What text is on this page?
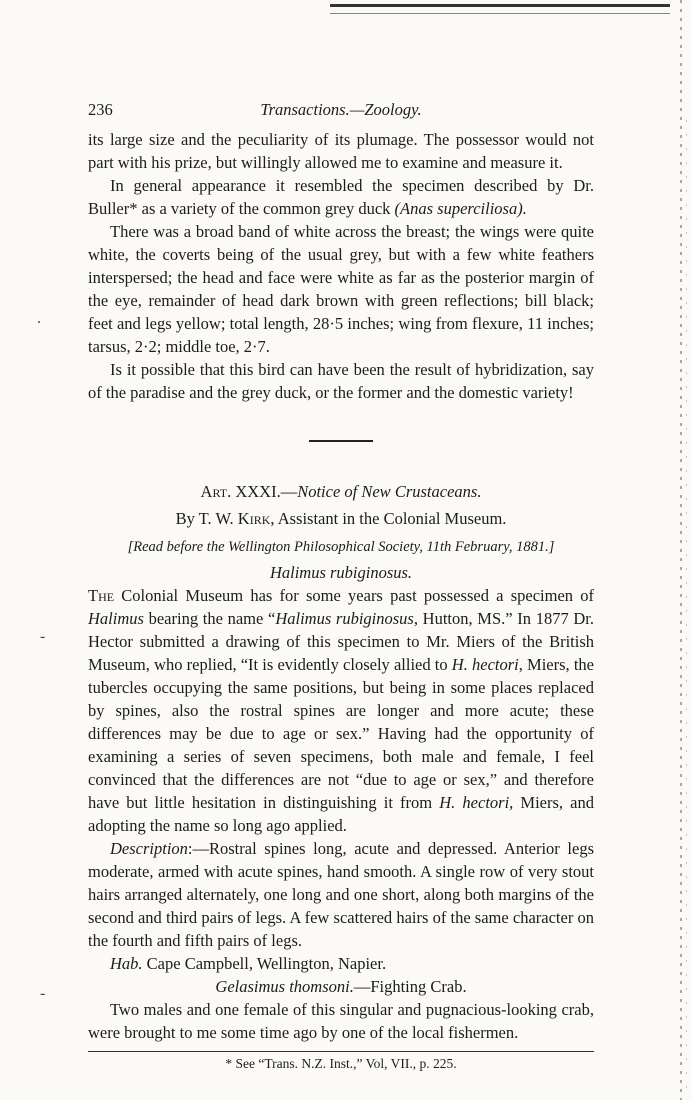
.
-
-
236	Transactions.—Zoology.

its large size and the peculiarity of its plumage. The possessor would not part with his prize, but willingly allowed me to examine and measure it.

In general appearance it resembled the specimen described by Dr. Buller* as a variety of the common grey duck (Anas superciliosa).

There was a broad band of white across the breast; the wings were quite white, the coverts being of the usual grey, but with a few white feathers interspersed; the head and face were white as far as the posterior margin of the eye, remainder of head dark brown with green reflections; bill black; feet and legs yellow; total length, 28·5 inches; wing from flexure, 11 inches; tarsus, 2·2; middle toe, 2·7.

Is it possible that this bird can have been the result of hybridization, say of the paradise and the grey duck, or the former and the domestic variety!

Art. XXXI.—Notice of New Crustaceans.

By T. W. Kirk, Assistant in the Colonial Museum.

[Read before the Wellington Philosophical Society, 11th February, 1881.]

Halimus rubiginosus.

The Colonial Museum has for some years past possessed a specimen of Halimus bearing the name “Halimus rubiginosus, Hutton, MS.” In 1877 Dr. Hector submitted a drawing of this specimen to Mr. Miers of the British Museum, who replied, “It is evidently closely allied to H. hectori, Miers, the tubercles occupying the same positions, but being in some places replaced by spines, also the rostral spines are longer and more acute; these differences may be due to age or sex.” Having had the opportunity of examining a series of seven specimens, both male and female, I feel convinced that the differences are not “due to age or sex,” and therefore have but little hesitation in distinguishing it from H. hectori, Miers, and adopting the name so long ago applied.

Description:—Rostral spines long, acute and depressed. Anterior legs moderate, armed with acute spines, hand smooth. A single row of very stout hairs arranged alternately, one long and one short, along both margins of the second and third pairs of legs. A few scattered hairs of the same character on the fourth and fifth pairs of legs.

Hab. Cape Campbell, Wellington, Napier.

Gelasimus thomsoni.—Fighting Crab.

Two males and one female of this singular and pugnacious-looking crab, were brought to me some time ago by one of the local fishermen.

* See “Trans. N.Z. Inst.,” Vol, VII., p. 225.
